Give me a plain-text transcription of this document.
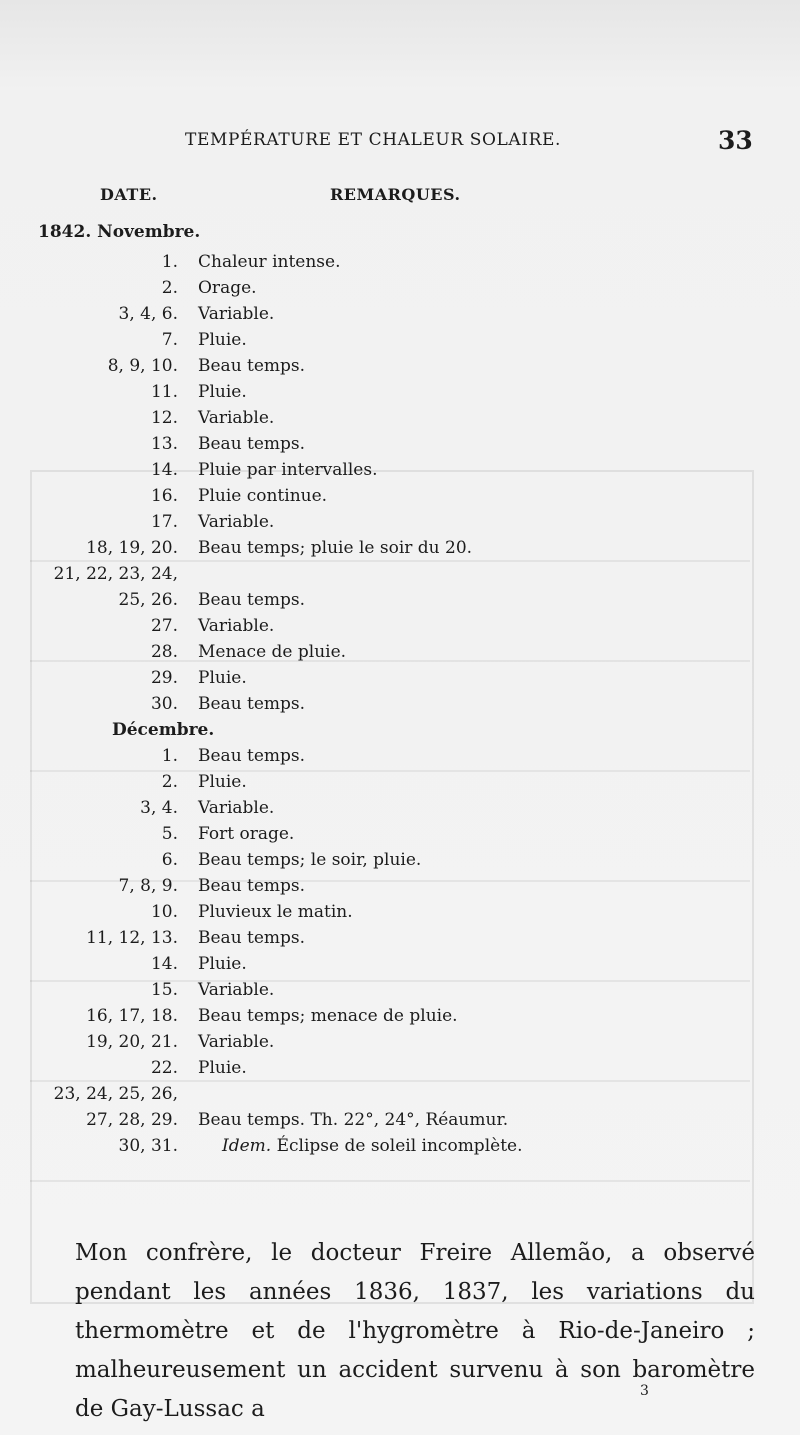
TEMPÉRATURE ET CHALEUR SOLAIRE.	33
DATE.	REMARQUES.
1842. Novembre.
1. Chaleur intense.
2. Orage.
3, 4, 6. Variable.
7. Pluie.
8, 9, 10. Beau temps.
11. Pluie.
12. Variable.
13. Beau temps.
14. Pluie par intervalles.
16. Pluie continue.
17. Variable.
18, 19, 20. Beau temps; pluie le soir du 20.
21, 22, 23, 24,
25, 26. Beau temps.
27. Variable.
28. Menace de pluie.
29. Pluie.
30. Beau temps.
Décembre.
1. Beau temps.
2. Pluie.
3, 4. Variable.
5. Fort orage.
6. Beau temps; le soir, pluie.
7, 8, 9. Beau temps.
10. Pluvieux le matin.
11, 12, 13. Beau temps.
14. Pluie.
15. Variable.
16, 17, 18. Beau temps; menace de pluie.
19, 20, 21. Variable.
22. Pluie.
23, 24, 25, 26,
27, 28, 29. Beau temps. Th. 22°, 24°, Réaumur.
30, 31.	Idem. Éclipse de soleil incomplète.
Mon confrère, le docteur Freire Allemão, a observé pendant les années 1836, 1837, les variations du thermomètre et de l'hygromètre à Rio-de-Janeiro ; malheureusement un accident survenu à son baromètre de Gay-Lussac a
3
